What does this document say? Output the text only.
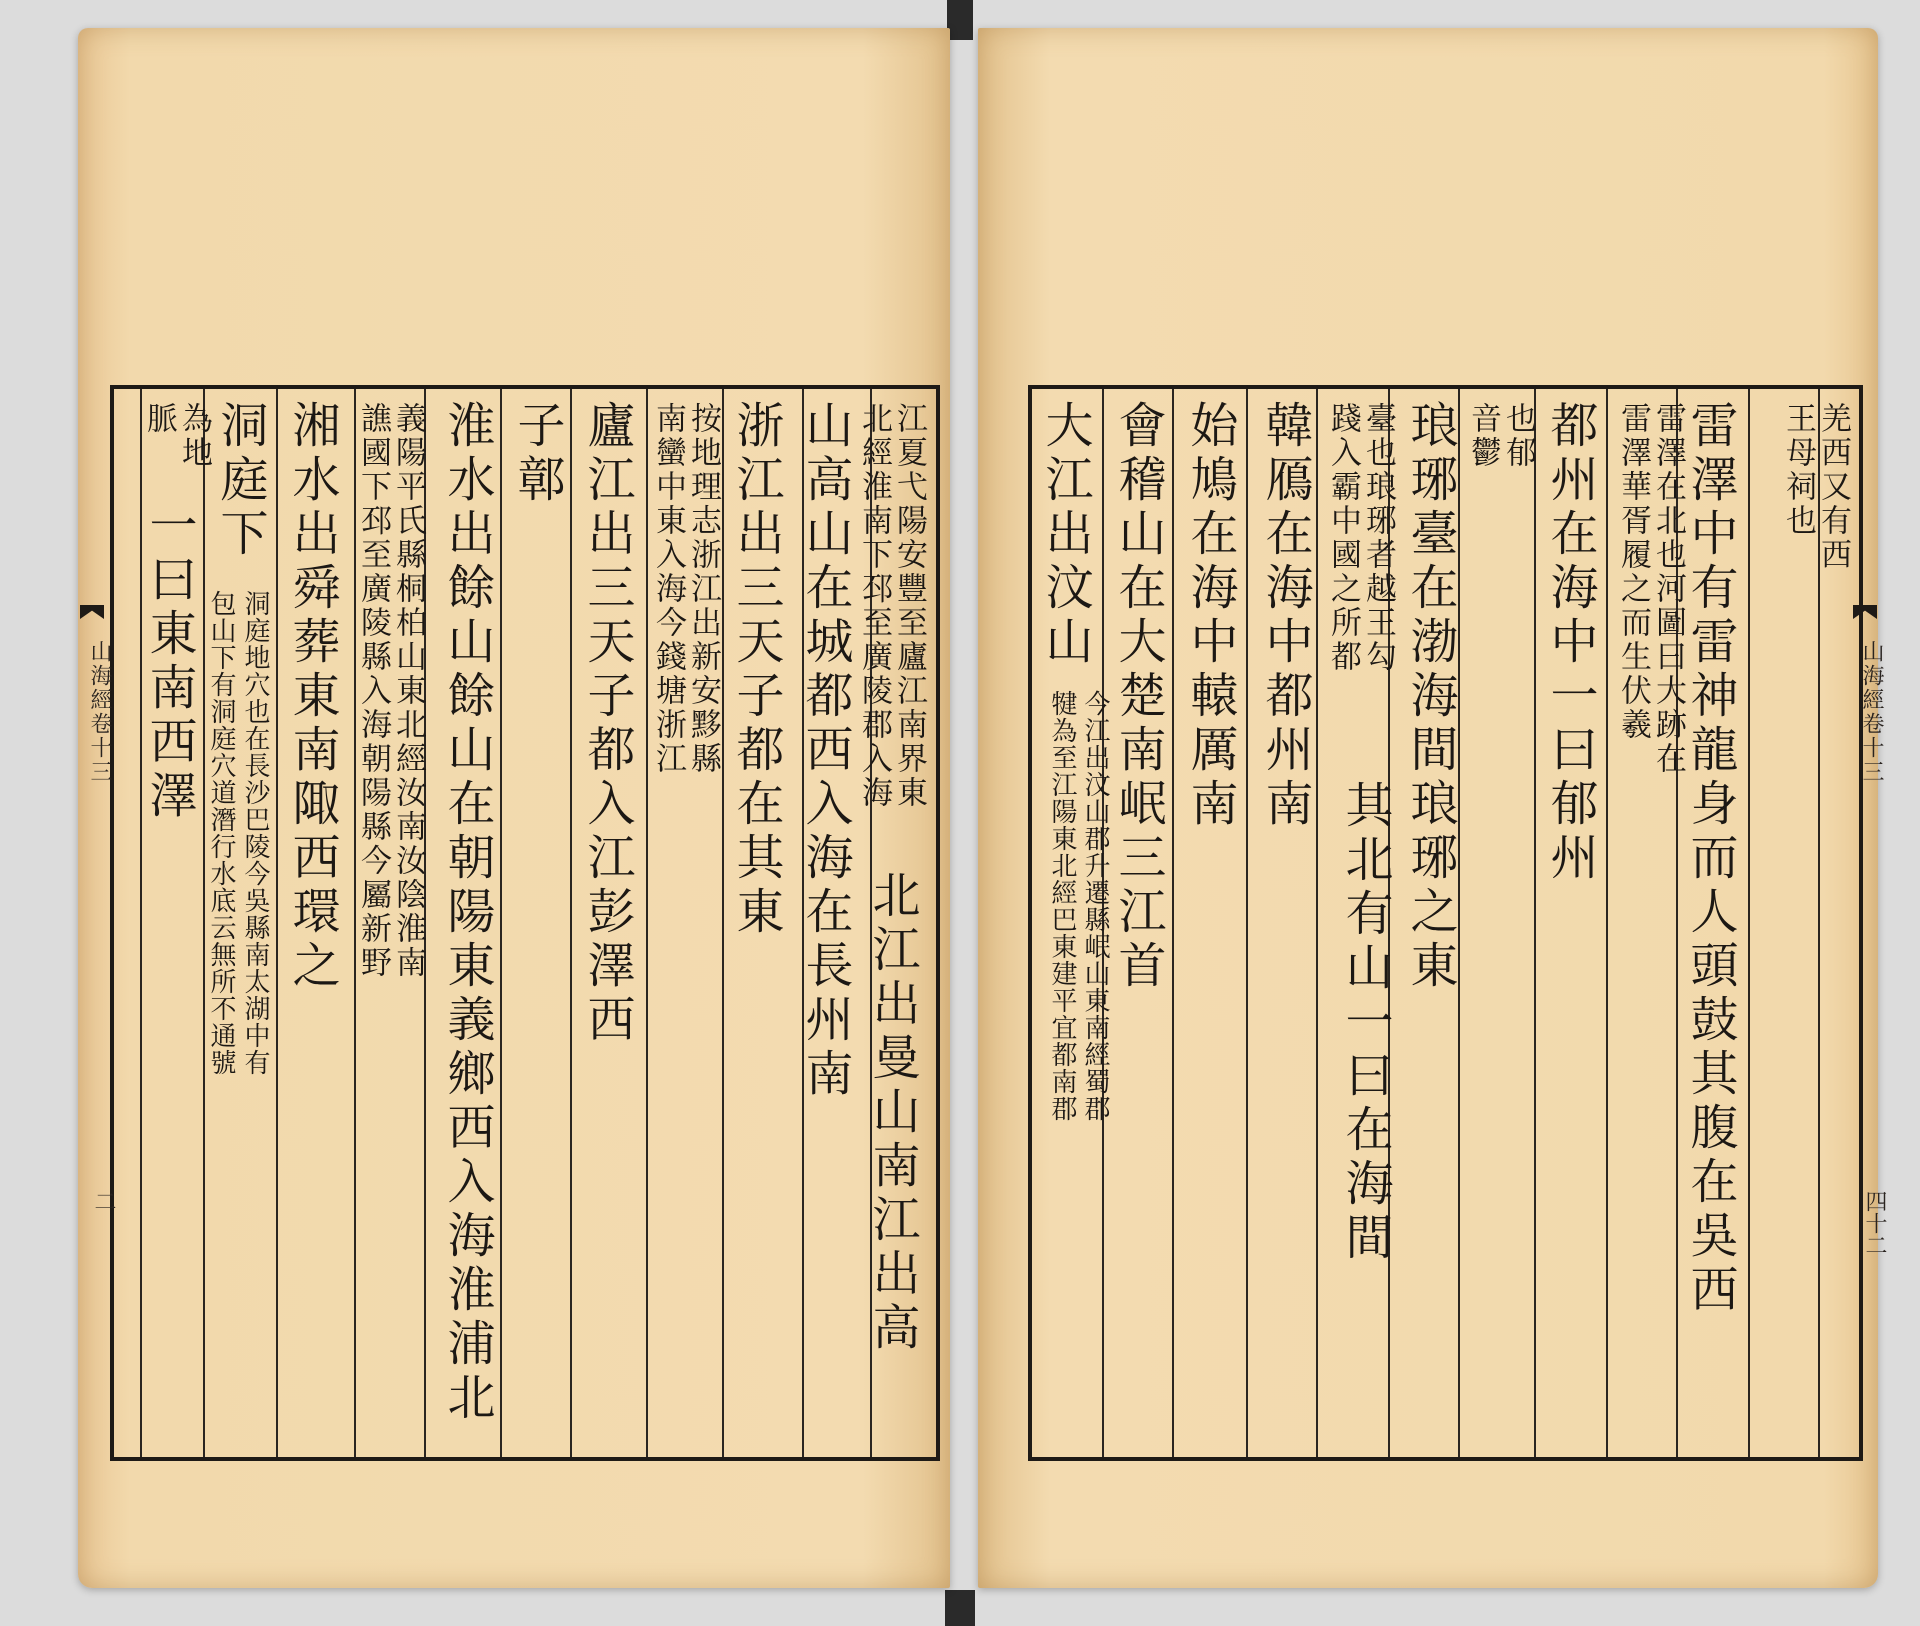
江夏弋陽安豐至廬江南界東
北經淮南下邳至廣陵郡入海
北江出曼山南江出高
山高山在城都西入海在長州南
浙江出三天子都在其東
按地理志浙江出新安黟縣
南蠻中東入海今錢塘浙江
廬江出三天子都入江彭澤西
子鄣
淮水出餘山餘山在朝陽東義鄉西入海淮浦北
義陽平氏縣桐柏山東北經汝南汝陰淮南
譙國下邳至廣陵縣入海朝陽縣今屬新野
湘水出舜葬東南陬西環之
洞庭下
洞庭地穴也在長沙巴陵今吳縣南太湖中有
包山下有洞庭穴道潛行水底云無所不通號
為地
脈
一曰東南西澤
山海經卷十三
二
羌西又有西
王母祠也
雷澤中有雷神龍身而人頭鼓其腹在吳西
雷澤在北也河圖曰大跡在
雷澤華胥履之而生伏羲
都州在海中一曰郁州
也郁
音鬱
琅琊臺在渤海間琅琊之東
臺也琅琊者越王勾
踐入霸中國之所都
其北有山一曰在海間
韓鴈在海中都州南
始鳩在海中轅厲南
會稽山在大楚南岷三江首
大江出汶山
今江出汶山郡升遷縣岷山東南經蜀郡
犍為至江陽東北經巴東建平宜都南郡	山海經卷十三
四十二
